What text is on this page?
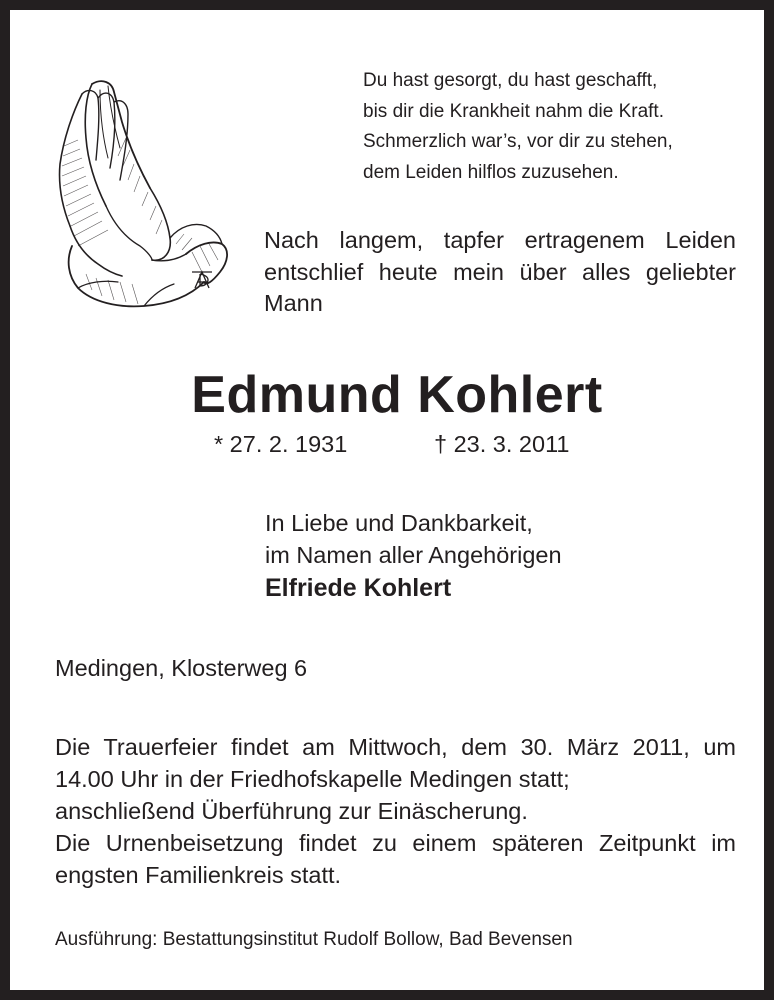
Du hast gesorgt, du hast geschafft,
bis dir die Krankheit nahm die Kraft.
Schmerzlich war’s, vor dir zu stehen,
dem Leiden hilflos zuzusehen.
Nach langem, tapfer ertragenem Leiden entschlief heute mein über alles geliebter Mann
Edmund Kohlert
* 27. 2. 1931	† 23. 3. 2011
In Liebe und Dankbarkeit,
im Namen aller Angehörigen
Elfriede Kohlert
Medingen, Klosterweg 6
Die Trauerfeier findet am Mittwoch, dem 30. März 2011, um
14.00 Uhr in der Friedhofskapelle Medingen statt;
anschließend Überführung zur Einäscherung.
Die Urnenbeisetzung findet zu einem späteren Zeitpunkt im
engsten Familienkreis statt.
Ausführung: Bestattungsinstitut Rudolf Bollow, Bad Bevensen
